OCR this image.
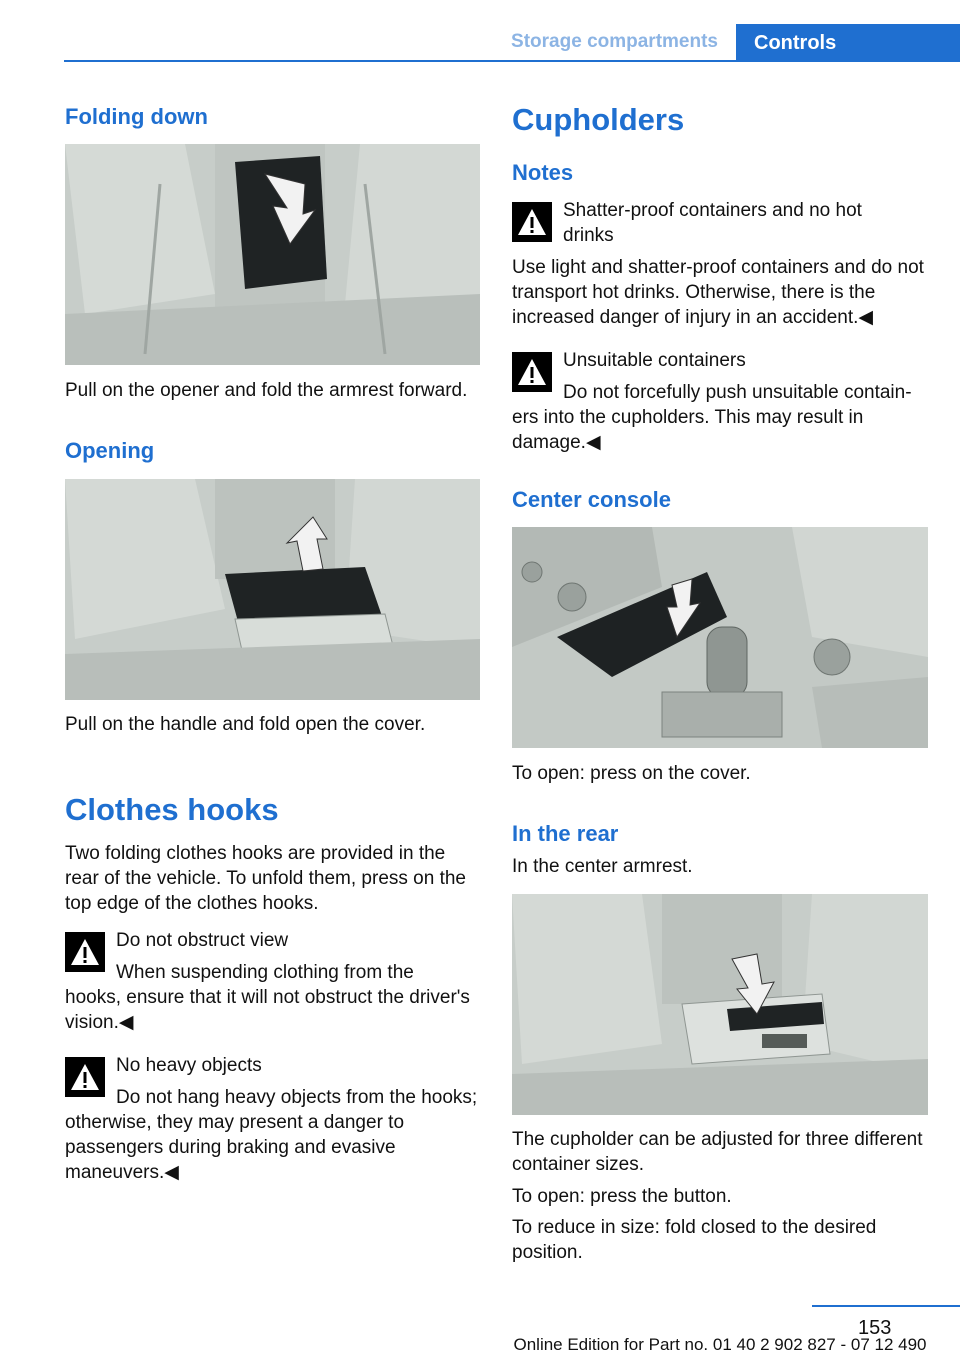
Storage compartments	Controls
Folding down
Pull on the opener and fold the armrest forward.
Opening
Pull on the handle and fold open the cover.
Clothes hooks
Two folding clothes hooks are provided in the rear of the vehicle. To unfold them, press on the top edge of the clothes hooks.
Do not obstruct view
When suspending clothing from the
hooks, ensure that it will not obstruct the driver's vision.◀
No heavy objects
Do not hang heavy objects from the hooks;
otherwise, they may present a danger to passengers during braking and evasive maneuvers.◀
Cupholders
Notes
Shatter-proof containers and no hot drinks
Use light and shatter-proof containers and do not transport hot drinks. Otherwise, there is the increased danger of injury in an accident.◀
Unsuitable containers
Do not forcefully push unsuitable contain-
ers into the cupholders. This may result in damage.◀
Center console
To open: press on the cover.
In the rear
In the center armrest.
The cupholder can be adjusted for three different container sizes.
To open: press the button.
To reduce in size: fold closed to the desired position.
153
Online Edition for Part no. 01 40 2 902 827 - 07 12 490
